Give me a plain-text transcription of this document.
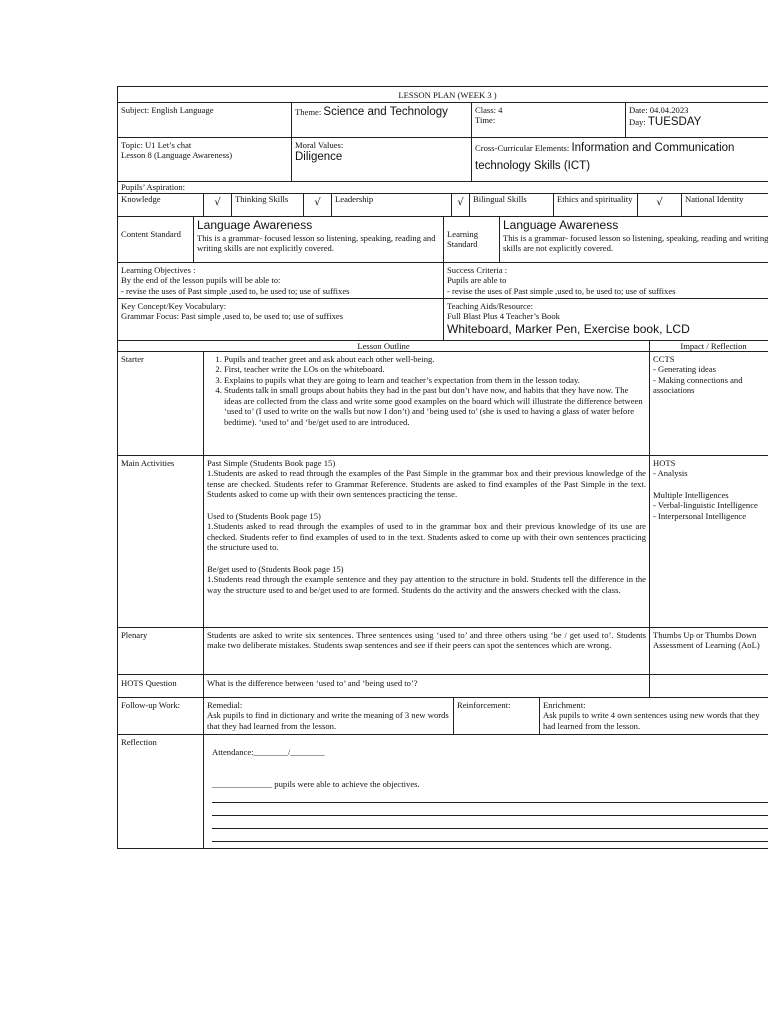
LESSON PLAN (WEEK 3 )
Subject: English Language	Theme: Science and Technology	Class: 4

Time:

Date: 04.04.2023

Day: TUESDAY

Topic: U1 Let’s chat

Lesson 8 (Language Awareness)

Moral Values:

Diligence

Cross-Curricular Elements: Information and Communication

technology Skills (ICT)

Pupils’ Aspiration:
Knowledge	√	Thinking Skills	√	Leadership	√	Bilingual Skills	Ethics and spirituality	√	National Identity
Content Standard

Language Awareness

This is a grammar- focused lesson so listening, speaking, reading and writing skills are not explicitly covered.

Learning Standard

Language Awareness

This is a grammar- focused lesson so listening, speaking, reading and writing skills are not explicitly covered.

Learning Objectives :

By the end of the lesson pupils will be able to:

- revise the uses of Past simple ,used to, be used to; use of suffixes

Success Criteria :

Pupils are able to

- revise the uses of Past simple ,used to, be used to; use of suffixes

Key Concept/Key Vocabulary:

Grammar Focus: Past simple ,used to, be used to; use of suffixes

Teaching Aids/Resource:

Full Blast Plus 4 Teacher’s Book

Whiteboard, Marker Pen, Exercise book, LCD

Lesson Outline	Impact / Reflection
Starter
1.	Pupils and teacher greet and ask about each other well-being.
2. First, teacher write the LOs on the whiteboard.
3. Explains to pupils what they are going to learn and teacher’s expectation from them in the lesson today.
4. Students talk in small groups about habits they had in the past but don’t have now, and habits that they have now. The ideas are collected from the class and write some good examples on the board which will illustrate the difference between ‘used to’ (I used to write on the walls but now I don’t) and ‘being used to’ (she is used to having a glass of water before bedtime). ‘used to’ and ‘be/get used to are introduced.

CCTS

- Generating ideas

- Making connections and associations

Main Activities	Past Simple (Students Book page 15)

1.Students are asked to read through the examples of the Past Simple in the grammar box and their previous knowledge of the tense are checked. Students refer to Grammar Reference. Students are asked to find examples of the Past Simple in the text. Students asked to come up with their own sentences practicing the tense.

Used to (Students Book page 15)

1.Students asked to read through the examples of used to in the grammar box and their previous knowledge of its use are checked. Students refer to find examples of used to in the text. Students asked to come up with their own sentences practicing the structure used to.

Be/get used to (Students Book page 15)

1.Students read through the example sentence and they pay attention to the structure in bold. Students tell the difference in the way the structure used to and be/get used to are formed. Students do the activity and the answers checked with the class.

HOTS

- Analysis

Multiple Intelligences

- Verbal-linguistic Intelligence

- Interpersonal Intelligence

Plenary	Students are asked to write six sentences. Three sentences using ‘used to’ and three others using ‘be / get used to’. Students make two deliberate mistakes. Students swap sentences and see if their peers can spot the sentences which are wrong.

Thumbs Up or Thumbs Down

Assessment of Learning (AoL)

HOTS Question	What is the difference between ‘used to’ and ‘being used to’?
Follow-up Work:	Remedial:

Ask pupils to find in dictionary and write the meaning of 3 new words that they had learned from the lesson.

Reinforcement:	Enrichment:

Ask pupils to write 4 own sentences using new words that they had learned from the lesson.

Reflection

Attendance:________/________

______________ pupils were able to achieve the objectives.
